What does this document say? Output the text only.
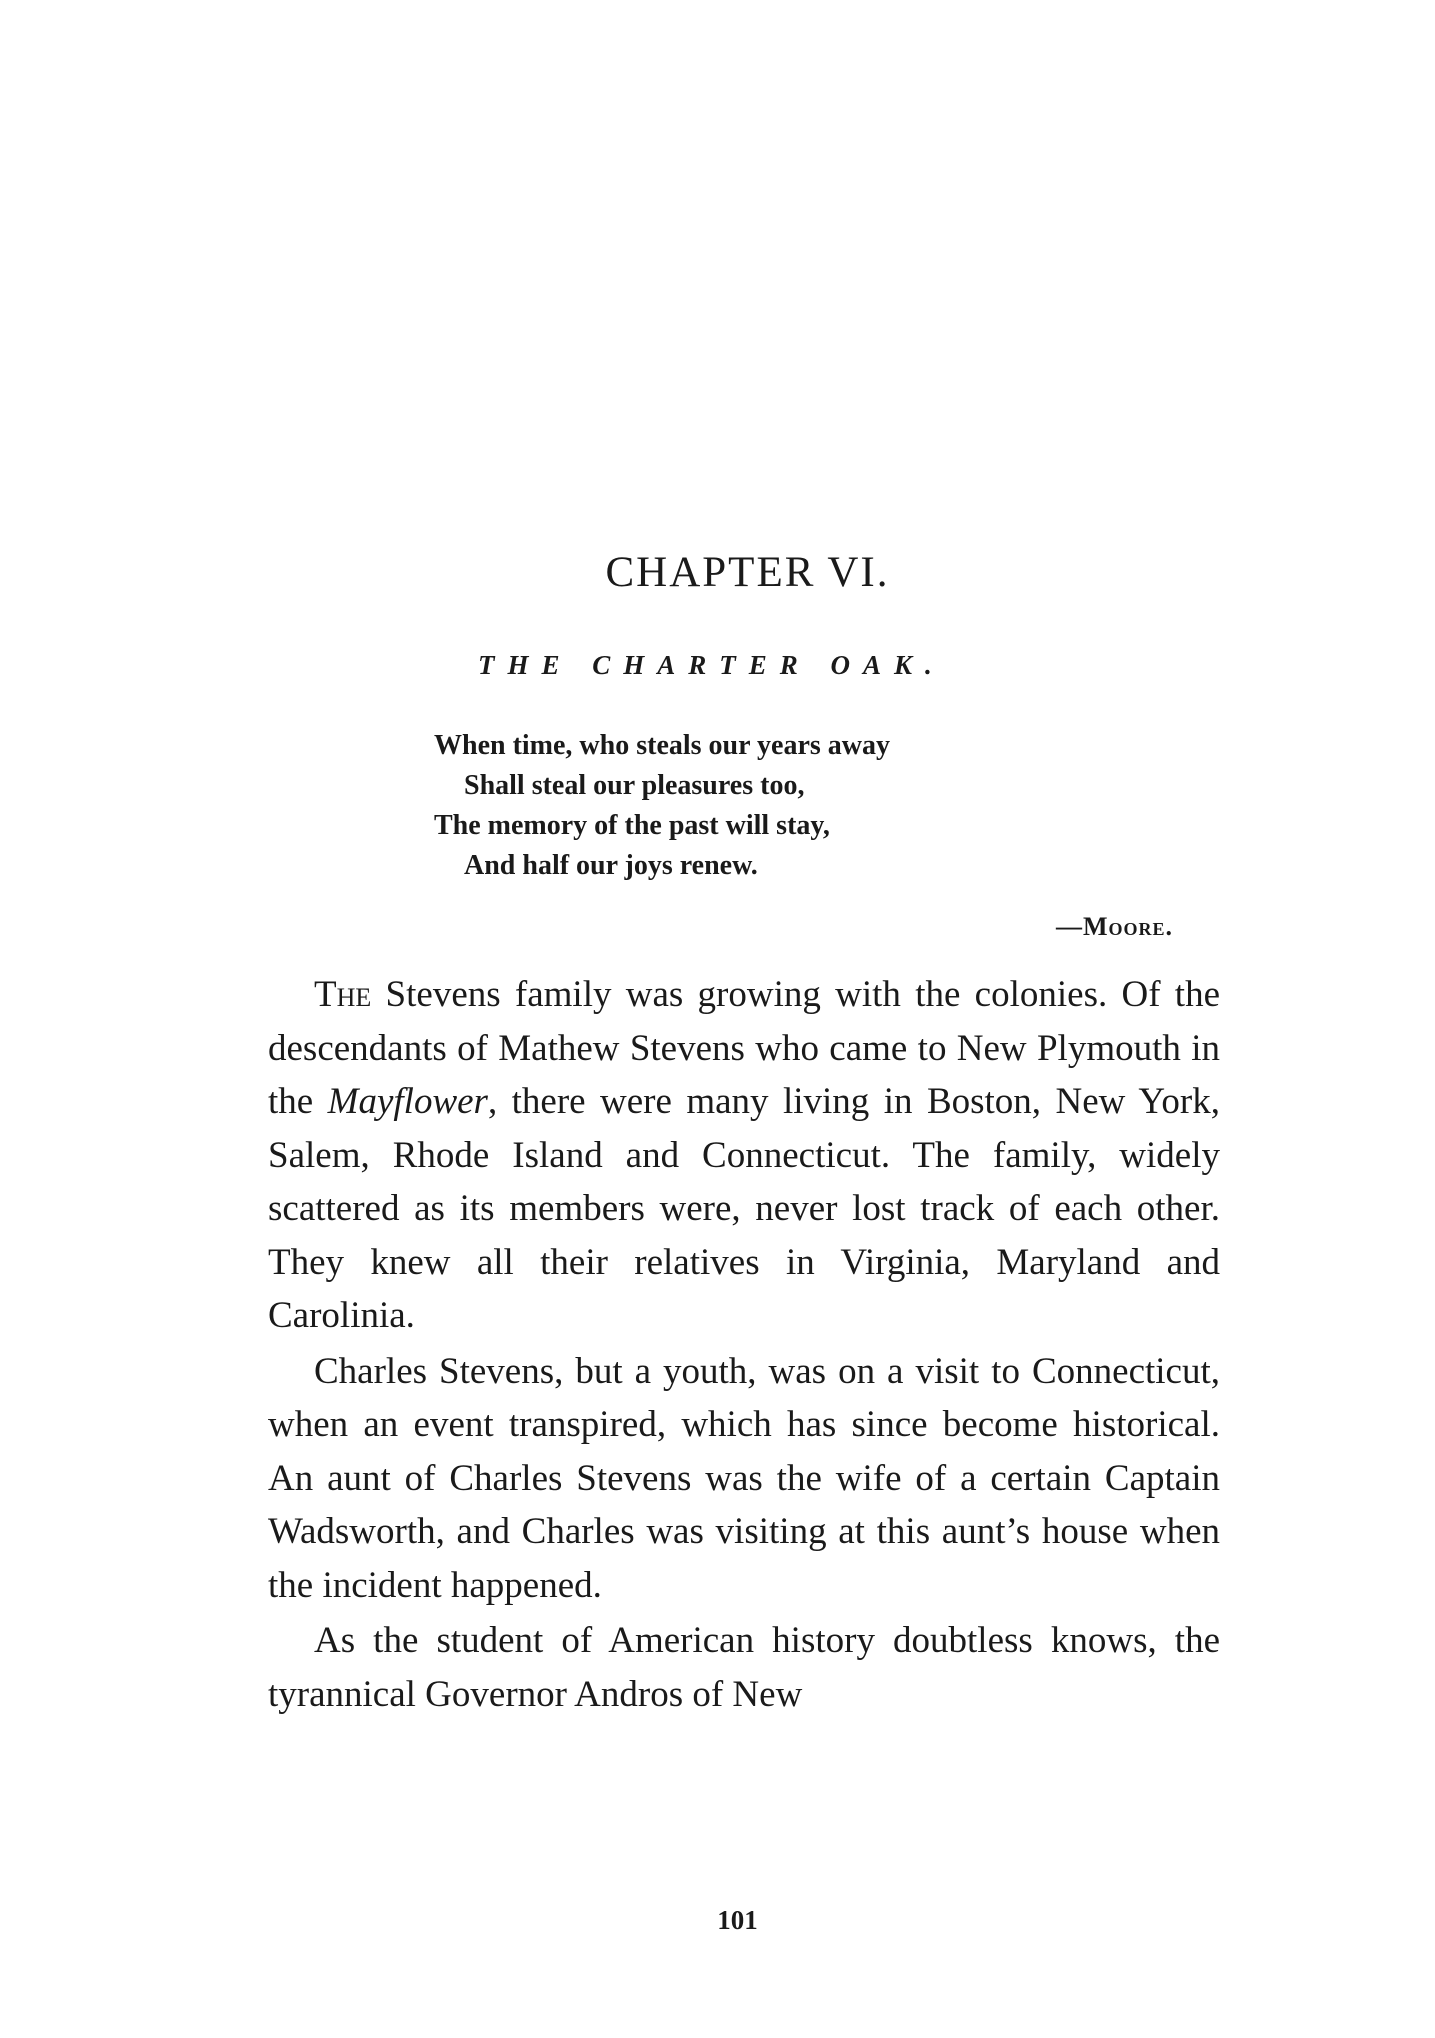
CHAPTER VI.
THE CHARTER OAK.
When time, who steals our years away
Shall steal our pleasures too,
The memory of the past will stay,
And half our joys renew.
—Moore.

The Stevens family was growing with the colonies. Of the descendants of Mathew Stevens who came to New Plymouth in the Mayflower, there were many living in Boston, New York, Salem, Rhode Island and Connecticut. The family, widely scattered as its members were, never lost track of each other. They knew all their relatives in Virginia, Maryland and Carolinia.

Charles Stevens, but a youth, was on a visit to Connecticut, when an event transpired, which has since become historical. An aunt of Charles Stevens was the wife of a certain Captain Wadsworth, and Charles was visiting at this aunt’s house when the incident happened.

As the student of American history doubtless knows, the tyrannical Governor Andros of New

101
